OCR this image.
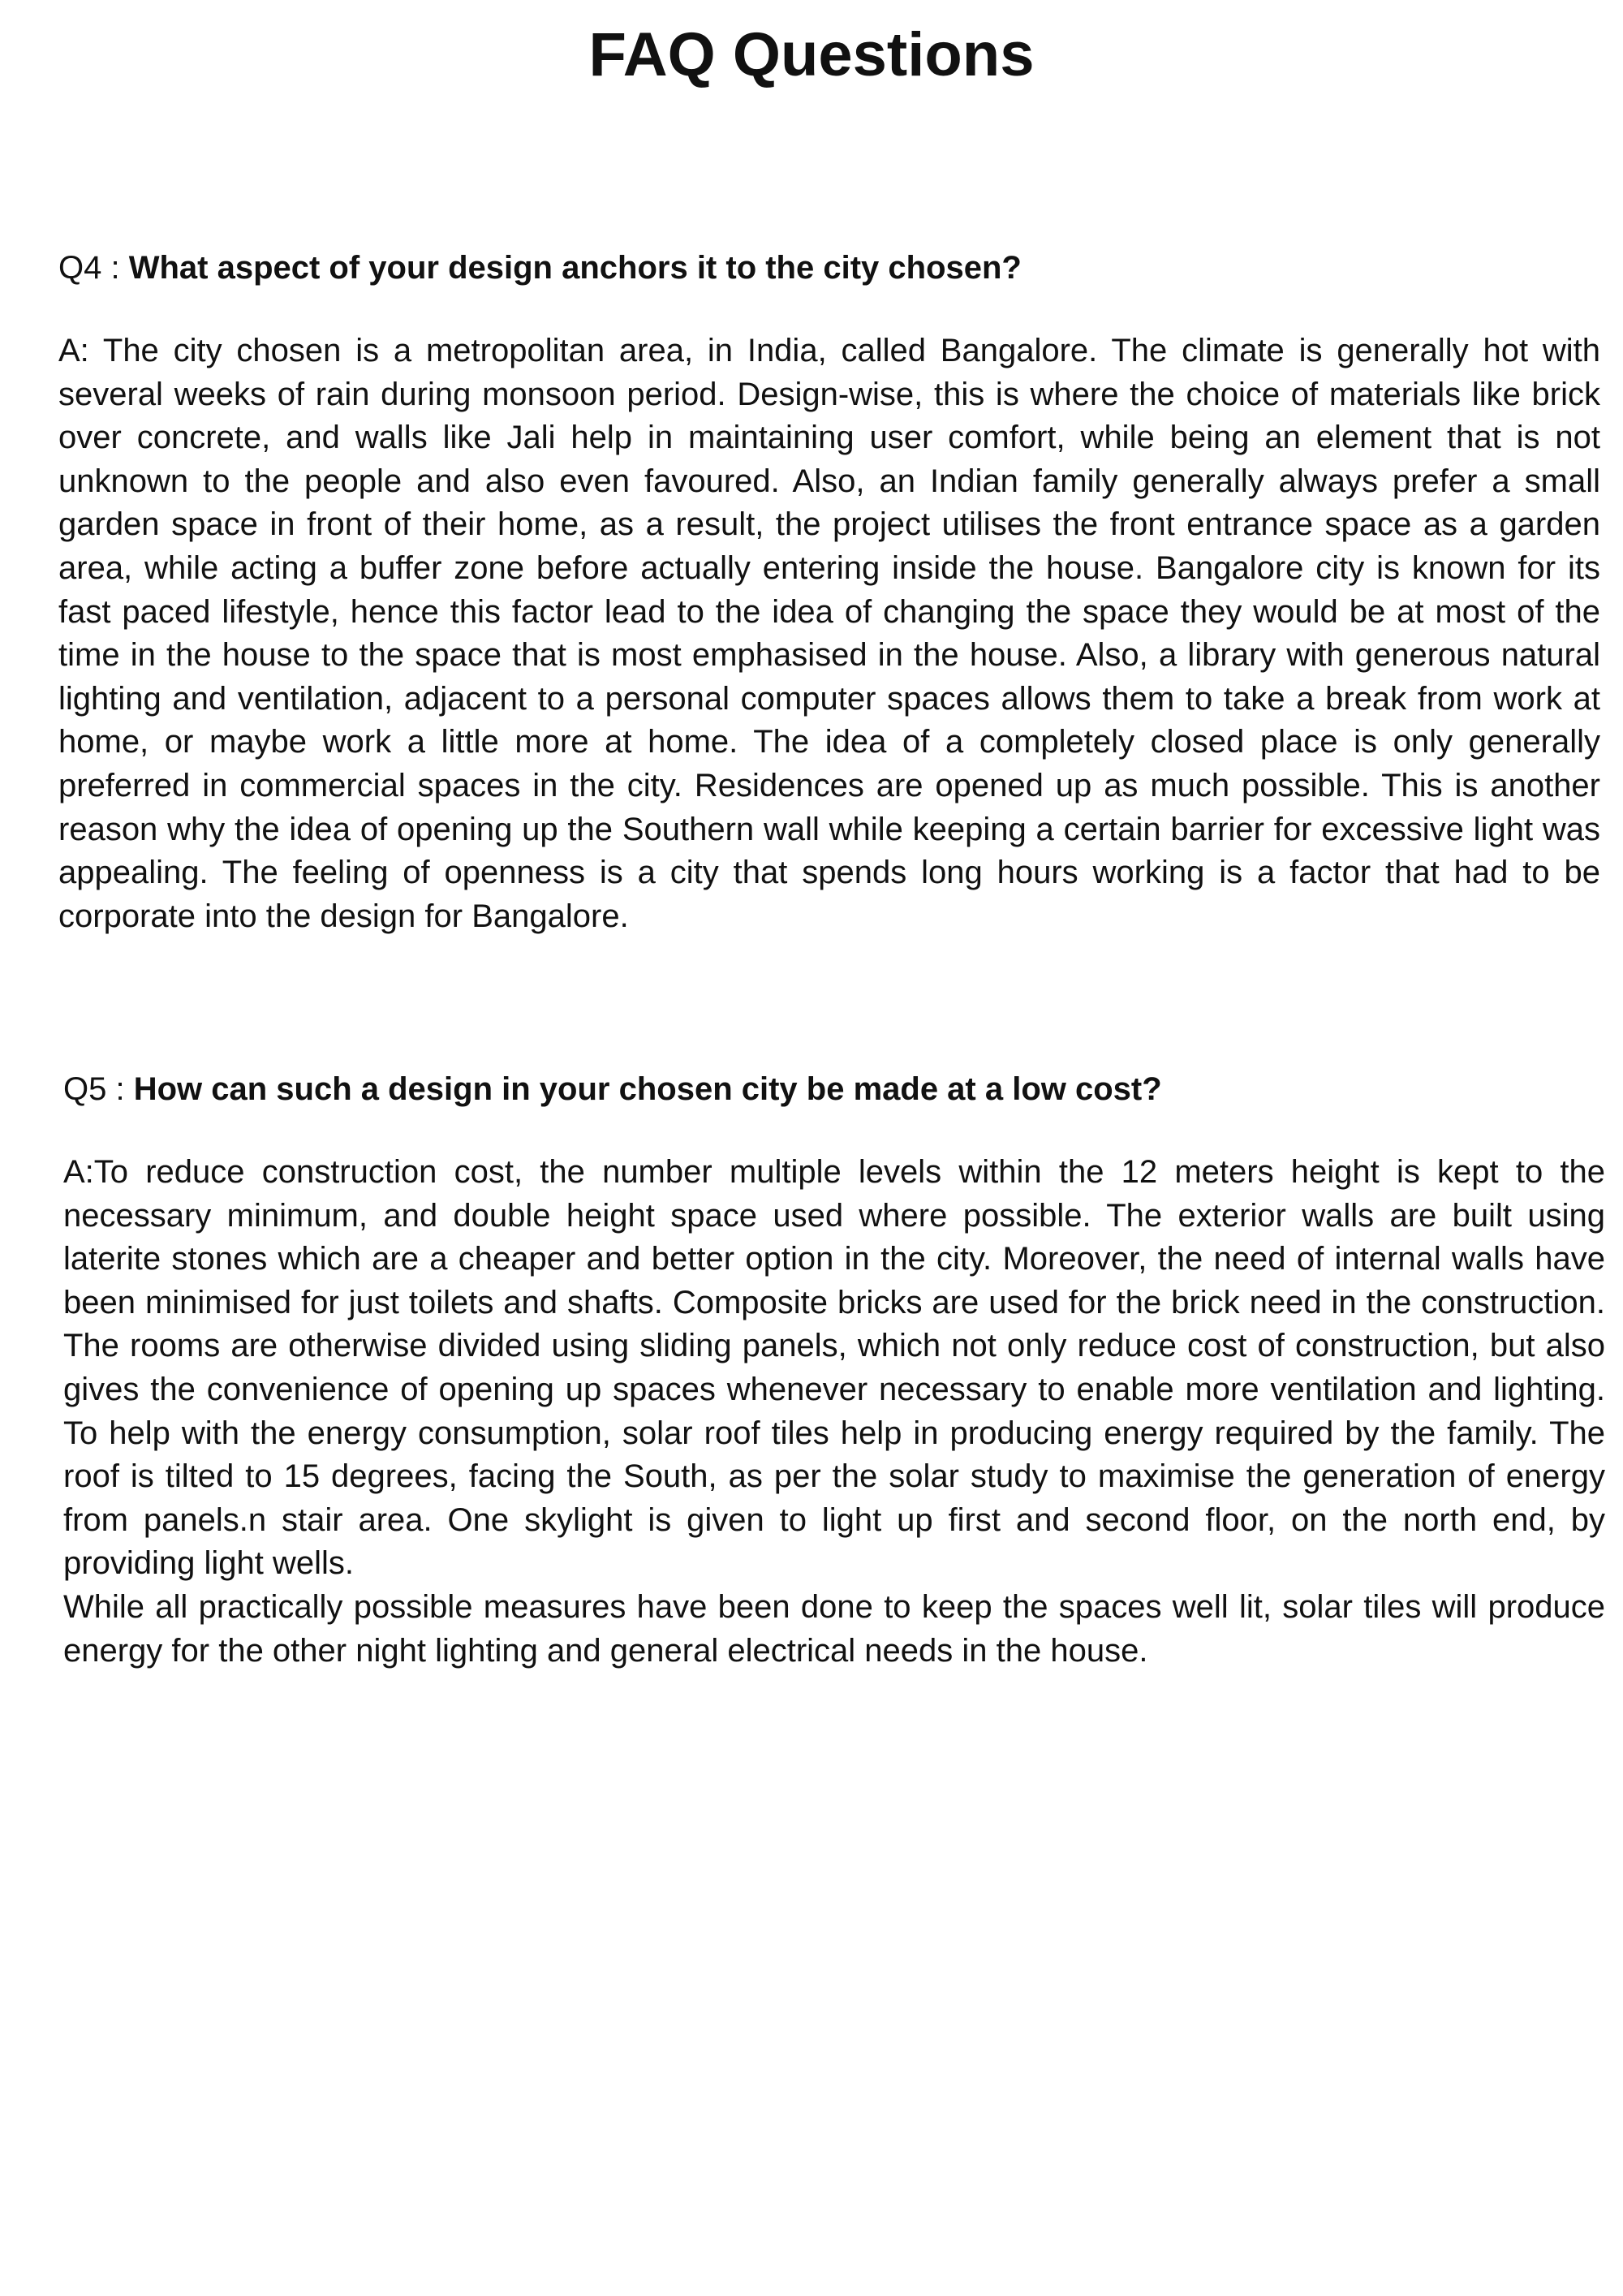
FAQ Questions

Q4 : What aspect of your design anchors it to the city chosen?

A: The city chosen is a metropolitan area, in India, called Bangalore. The climate is generally hot with several weeks of rain during monsoon period. Design-wise, this is where the choice of materials like brick over concrete, and walls like Jali help in maintaining user comfort, while being an element that is not unknown to the people and also even favoured. Also, an Indian family generally always prefer a small garden space in front of their home, as a result, the project utilises the front entrance space as a garden area, while acting a buffer zone before actually entering inside the house. Bangalore city is known for its fast paced lifestyle, hence this factor lead to the idea of changing the space they would be at most of the time in the house to the space that is most emphasised in the house. Also, a library with generous natural lighting and ventilation, adjacent to a personal computer spaces allows them to take a break from work at home, or maybe work a little more at home. The idea of a completely closed place is only generally preferred in commercial spaces in the city. Residences are opened up as much possible. This is another reason why the idea of opening up the Southern wall while keeping a certain barrier for excessive light was appealing. The feeling of openness is a city that spends long hours working is a factor that had to be corporate into the design for Bangalore.

Q5 : How can such a design in your chosen city be made at a low cost?

A:To reduce construction cost, the number multiple levels within the 12 meters height is kept to the necessary minimum, and double height space used where possible. The exterior walls are built using laterite stones which are a cheaper and better option in the city. Moreover, the need of internal walls have been minimised for just toilets and shafts. Composite bricks are used for the brick need in the construction. The rooms are otherwise divided using sliding panels, which not only reduce cost of construction, but also gives the convenience of opening up spaces whenever necessary to enable more ventilation and lighting. To help with the energy consumption, solar roof tiles help in producing energy required by the family. The roof is tilted to 15 degrees, facing the South, as per the solar study to maximise the generation of energy from panels.n stair area. One skylight is given to light up first and second floor, on the north end, by providing light wells.

While all practically possible measures have been done to keep the spaces well lit, solar tiles will produce energy for the other night lighting and general electrical needs in the house.
